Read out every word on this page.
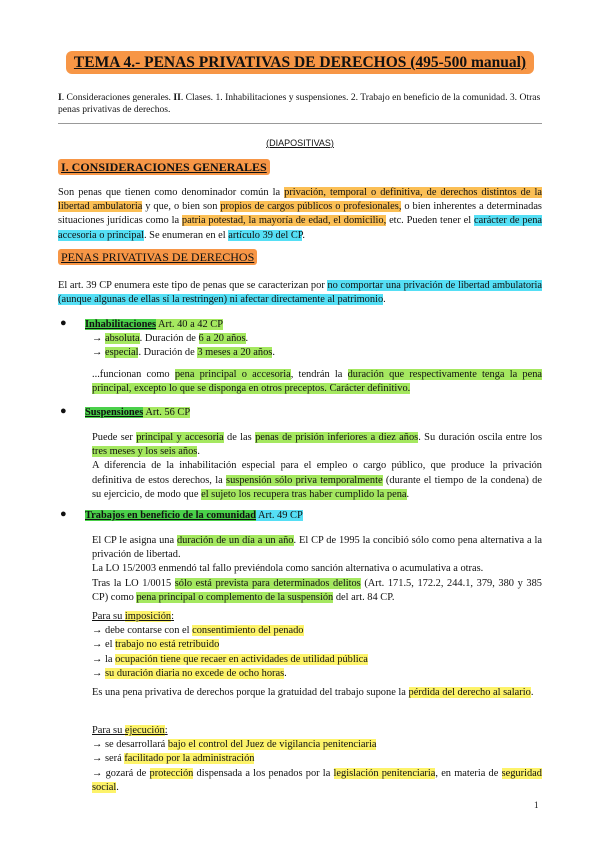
TEMA 4.- PENAS PRIVATIVAS DE DERECHOS (495-500 manual)
I. Consideraciones generales. II. Clases. 1. Inhabilitaciones y suspensiones. 2. Trabajo en beneficio de la comunidad. 3. Otras penas privativas de derechos.
(DIAPOSITIVAS)
I. CONSIDERACIONES GENERALES
Son penas que tienen como denominador común la privación, temporal o definitiva, de derechos distintos de la libertad ambulatoria y que, o bien son propios de cargos públicos o profesionales, o bien inherentes a determinadas situaciones jurídicas como la patria potestad, la mayoría de edad, el domicilio, etc. Pueden tener el carácter de pena accesoria o principal. Se enumeran en el artículo 39 del CP.
PENAS PRIVATIVAS DE DERECHOS
El art. 39 CP enumera este tipo de penas que se caracterizan por no comportar una privación de libertad ambulatoria (aunque algunas de ellas sí la restringen) ni afectar directamente al patrimonio.
● Inhabilitaciones Art. 40 a 42 CP
→ absoluta. Duración de 6 a 20 años.
→ especial. Duración de 3 meses a 20 años.
...funcionan como pena principal o accesoria, tendrán la duración que respectivamente tenga la pena principal, excepto lo que se disponga en otros preceptos. Carácter definitivo.
● Suspensiones Art. 56 CP
Puede ser principal y accesoria de las penas de prisión inferiores a diez años. Su duración oscila entre los tres meses y los seis años.
A diferencia de la inhabilitación especial para el empleo o cargo público, que produce la privación definitiva de estos derechos, la suspensión sólo priva temporalmente (durante el tiempo de la condena) de su ejercicio, de modo que el sujeto los recupera tras haber cumplido la pena.
● Trabajos en beneficio de la comunidad Art. 49 CP
El CP le asigna una duración de un día a un año. El CP de 1995 la concibió sólo como pena alternativa a la privación de libertad.
La LO 15/2003 enmendó tal fallo previéndola como sanción alternativa o acumulativa a otras.
Tras la LO 1/0015 sólo está prevista para determinados delitos (Art. 171.5, 172.2, 244.1, 379, 380 y 385 CP) como pena principal o complemento de la suspensión del art. 84 CP.
Para su imposición:
→ debe contarse con el consentimiento del penado
→ el trabajo no está retribuido
→ la ocupación tiene que recaer en actividades de utilidad pública
→ su duración diaria no excede de ocho horas.
Es una pena privativa de derechos porque la gratuidad del trabajo supone la pérdida del derecho al salario.
Para su ejecución:
→ se desarrollará bajo el control del Juez de vigilancia penitenciaria
→ será facilitado por la administración
→ gozará de protección dispensada a los penados por la legislación penitenciaria, en materia de seguridad social.
1
